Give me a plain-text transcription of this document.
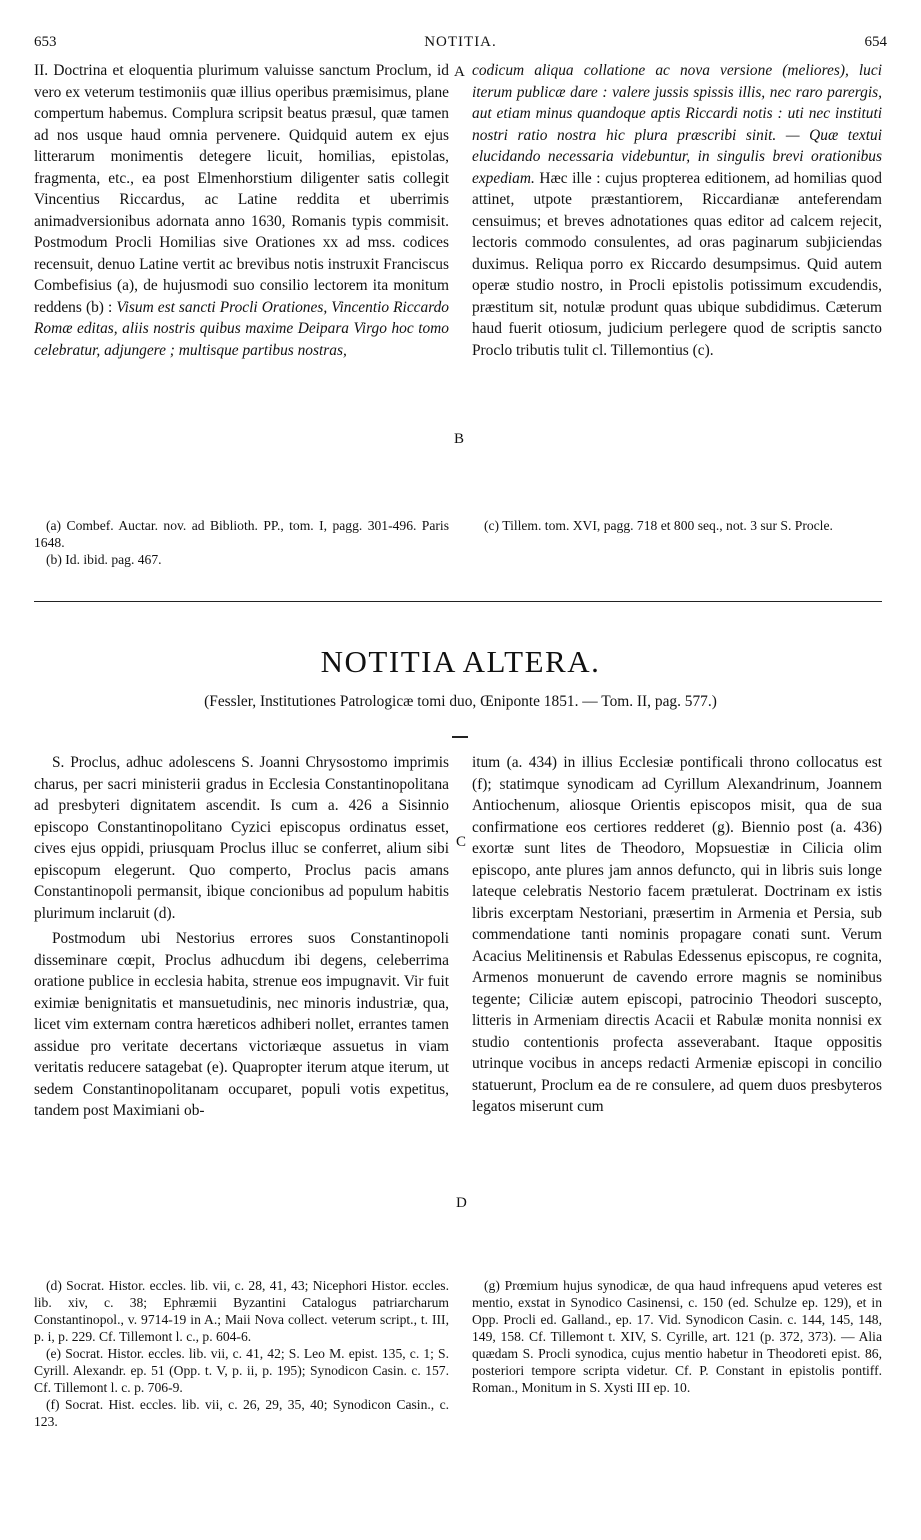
653	NOTITIA.	654

II. Doctrina et eloquentia plurimum valuisse sanctum Proclum, id vero ex veterum testimoniis quæ illius operibus præmisimus, plane compertum habemus. Complura scripsit beatus præsul, quæ tamen ad nos usque haud omnia pervenere. Quidquid autem ex ejus litterarum monimentis detegere licuit, homilias, epistolas, fragmenta, etc., ea post Elmenhorstium diligenter satis collegit Vincentius Riccardus, ac Latine reddita et uberrimis animadversionibus adornata anno 1630, Romanis typis commisit. Postmodum Procli Homilias sive Orationes xx ad mss. codices recensuit, denuo Latine vertit ac brevibus notis instruxit Franciscus Combefisius (a), de hujusmodi suo consilio lectorem ita monitum reddens (b) : Visum est sancti Procli Orationes, Vincentio Riccardo Romæ editas, aliis nostris quibus maxime Deipara Virgo hoc tomo celebratur, adjungere ; multisque partibus nostras,

codicum aliqua collatione ac nova versione (meliores), luci iterum publicæ dare : valere jussis spissis illis, nec raro parergis, aut etiam minus quandoque aptis Riccardi notis : uti nec instituti nostri ratio nostra hic plura præscribi sinit. — Quæ textui elucidando necessaria videbuntur, in singulis brevi orationibus expediam. Hæc ille : cujus propterea editionem, ad homilias quod attinet, utpote præstantiorem, Riccardianæ anteferendam censuimus; et breves adnotationes quas editor ad calcem rejecit, lectoris commodo consulentes, ad oras paginarum subjiciendas duximus. Reliqua porro ex Riccardo desumpsimus. Quid autem operæ studio nostro, in Procli epistolis potissimum excudendis, præstitum sit, notulæ produnt quas ubique subdidimus. Cæterum haud fuerit otiosum, judicium perlegere quod de scriptis sancto Proclo tributis tulit cl. Tillemontius (c).

A
B
C
D

(a) Combef. Auctar. nov. ad Biblioth. PP., tom. I, pagg. 301-496. Paris 1648.

(b) Id. ibid. pag. 467.

(c) Tillem. tom. XVI, pagg. 718 et 800 seq., not. 3 sur S. Procle.

NOTITIA ALTERA.
(Fessler, Institutiones Patrologicæ tomi duo, Œniponte 1851. — Tom. II, pag. 577.)

S. Proclus, adhuc adolescens S. Joanni Chrysostomo imprimis charus, per sacri ministerii gradus in Ecclesia Constantinopolitana ad presbyteri dignitatem ascendit. Is cum a. 426 a Sisinnio episcopo Constantinopolitano Cyzici episcopus ordinatus esset, cives ejus oppidi, priusquam Proclus illuc se conferret, alium sibi episcopum elegerunt. Quo comperto, Proclus pacis amans Constantinopoli permansit, ibique concionibus ad populum habitis plurimum inclaruit (d).

Postmodum ubi Nestorius errores suos Constantinopoli disseminare cœpit, Proclus adhucdum ibi degens, celeberrima oratione publice in ecclesia habita, strenue eos impugnavit. Vir fuit eximiæ benignitatis et mansuetudinis, nec minoris industriæ, qua, licet vim externam contra hæreticos adhiberi nollet, errantes tamen assidue pro veritate decertans victoriæque assuetus in viam veritatis reducere satagebat (e). Quapropter iterum atque iterum, ut sedem Constantinopolitanam occuparet, populi votis expetitus, tandem post Maximiani ob-

itum (a. 434) in illius Ecclesiæ pontificali throno collocatus est (f); statimque synodicam ad Cyrillum Alexandrinum, Joannem Antiochenum, aliosque Orientis episcopos misit, qua de sua confirmatione eos certiores redderet (g). Biennio post (a. 436) exortæ sunt lites de Theodoro, Mopsuestiæ in Cilicia olim episcopo, ante plures jam annos defuncto, qui in libris suis longe lateque celebratis Nestorio facem prætulerat. Doctrinam ex istis libris excerptam Nestoriani, præsertim in Armenia et Persia, sub commendatione tanti nominis propagare conati sunt. Verum Acacius Melitinensis et Rabulas Edessenus episcopus, re cognita, Armenos monuerunt de cavendo errore magnis se nominibus tegente; Ciliciæ autem episcopi, patrocinio Theodori suscepto, litteris in Armeniam directis Acacii et Rabulæ monita nonnisi ex studio contentionis profecta asseverabant. Itaque oppositis utrinque vocibus in anceps redacti Armeniæ episcopi in concilio statuerunt, Proclum ea de re consulere, ad quem duos presbyteros legatos miserunt cum

(d) Socrat. Histor. eccles. lib. vii, c. 28, 41, 43; Nicephori Histor. eccles. lib. xiv, c. 38; Ephræmii Byzantini Catalogus patriarcharum Constantinopol., v. 9714-19 in A.; Maii Nova collect. veterum script., t. III, p. i, p. 229. Cf. Tillemont l. c., p. 604-6.

(e) Socrat. Histor. eccles. lib. vii, c. 41, 42; S. Leo M. epist. 135, c. 1; S. Cyrill. Alexandr. ep. 51 (Opp. t. V, p. ii, p. 195); Synodicon Casin. c. 157. Cf. Tillemont l. c. p. 706-9.

(f) Socrat. Hist. eccles. lib. vii, c. 26, 29, 35, 40; Synodicon Casin., c. 123.

(g) Prœmium hujus synodicæ, de qua haud infrequens apud veteres est mentio, exstat in Synodico Casinensi, c. 150 (ed. Schulze ep. 129), et in Opp. Procli ed. Galland., ep. 17. Vid. Synodicon Casin. c. 144, 145, 148, 149, 158. Cf. Tillemont t. XIV, S. Cyrille, art. 121 (p. 372, 373). — Alia quædam S. Procli synodica, cujus mentio habetur in Theodoreti epist. 86, posteriori tempore scripta videtur. Cf. P. Constant in epistolis pontiff. Roman., Monitum in S. Xysti III ep. 10.
